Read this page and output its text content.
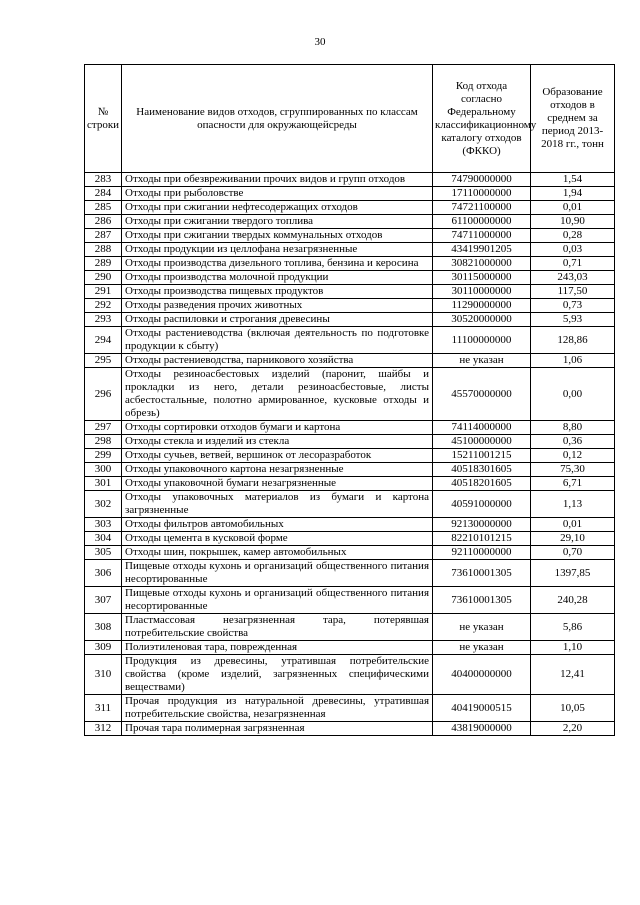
30
№ строки	Наименование видов отходов, сгруппированных по классам опасности для окружающейсреды	Код отхода согласно Федеральному классификационному каталогу отходов (ФККО)	Образование отходов в среднем за период 2013-2018 гг., тонн
283	Отходы при обезвреживании прочих видов и групп отходов	74790000000	1,54
284	Отходы при рыболовстве	17110000000	1,94
285	Отходы при сжигании нефтесодержащих отходов	74721100000	0,01
286	Отходы при сжигании твердого топлива	61100000000	10,90
287	Отходы при сжигании твердых коммунальных отходов	74711000000	0,28
288	Отходы продукции из целлофана незагрязненные	43419901205	0,03
289	Отходы производства дизельного топлива, бензина и керосина	30821000000	0,71
290	Отходы производства молочной продукции	30115000000	243,03
291	Отходы производства пищевых продуктов	30110000000	117,50
292	Отходы разведения прочих животных	11290000000	0,73
293	Отходы распиловки и строгания древесины	30520000000	5,93
294	Отходы растениеводства (включая деятельность по подготовке продукции к сбыту)	11100000000	128,86
295	Отходы растениеводства, парникового хозяйства	не указан	1,06
296	Отходы резиноасбестовых изделий (паронит, шайбы и прокладки из него, детали резиноасбестовые, листы асбестостальные, полотно армированное, кусковые отходы и обрезь)	45570000000	0,00
297	Отходы сортировки отходов бумаги и картона	74114000000	8,80
298	Отходы стекла и изделий из стекла	45100000000	0,36
299	Отходы сучьев, ветвей, вершинок от лесоразработок	15211001215	0,12
300	Отходы упаковочного картона незагрязненные	40518301605	75,30
301	Отходы упаковочной бумаги незагрязненные	40518201605	6,71
302	Отходы упаковочных материалов из бумаги и картона загрязненные	40591000000	1,13
303	Отходы фильтров автомобильных	92130000000	0,01
304	Отходы цемента в кусковой форме	82210101215	29,10
305	Отходы шин, покрышек, камер автомобильных	92110000000	0,70
306	Пищевые отходы кухонь и организаций общественного питания несортированные	73610001305	1397,85
307	Пищевые отходы кухонь и организаций общественного питания несортированные	73610001305	240,28
308	Пластмассовая незагрязненная тара, потерявшая потребительские свойства	не указан	5,86
309	Полиэтиленовая тара, поврежденная	не указан	1,10
310	Продукция из древесины, утратившая потребительские свойства (кроме изделий, загрязненных специфическими веществами)	40400000000	12,41
311	Прочая продукция из натуральной древесины, утратившая потребительские свойства, незагрязненная	40419000515	10,05
312	Прочая тара полимерная загрязненная	43819000000	2,20
